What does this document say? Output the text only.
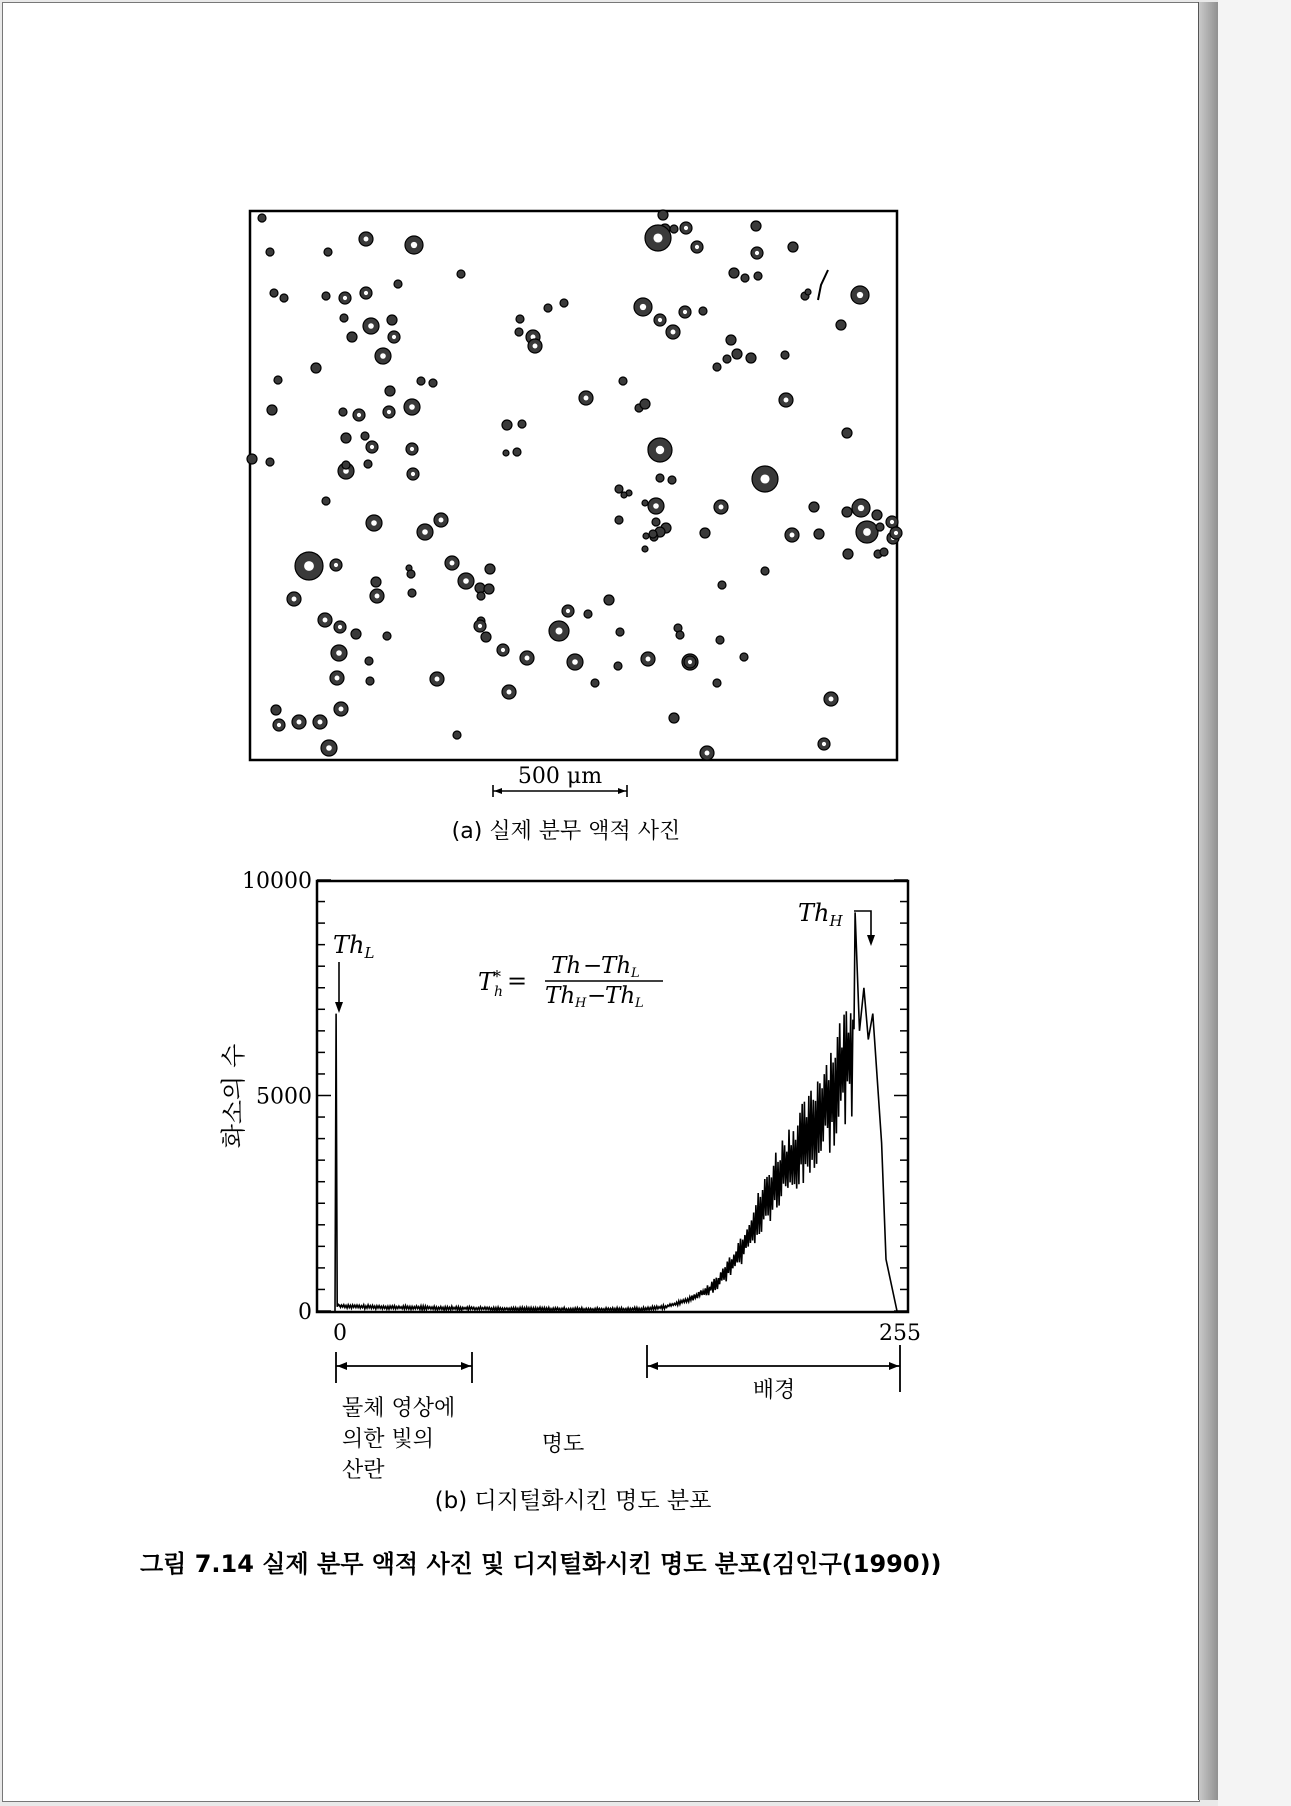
500 μm
(a) 실제 분무 액적 사진
0
5000
10000
0	255
화소의 수
$Th_L$
$Th_H$
T
*
h =
Th −
Th L
Th H −
Th L
물체 영상에
의한 빛의
산란
배경
명도
(b) 디지털화시킨 명도 분포
그림 7.14 실제 분무 액적 사진 및 디지털화시킨 명도 분포(김인구(1990))
